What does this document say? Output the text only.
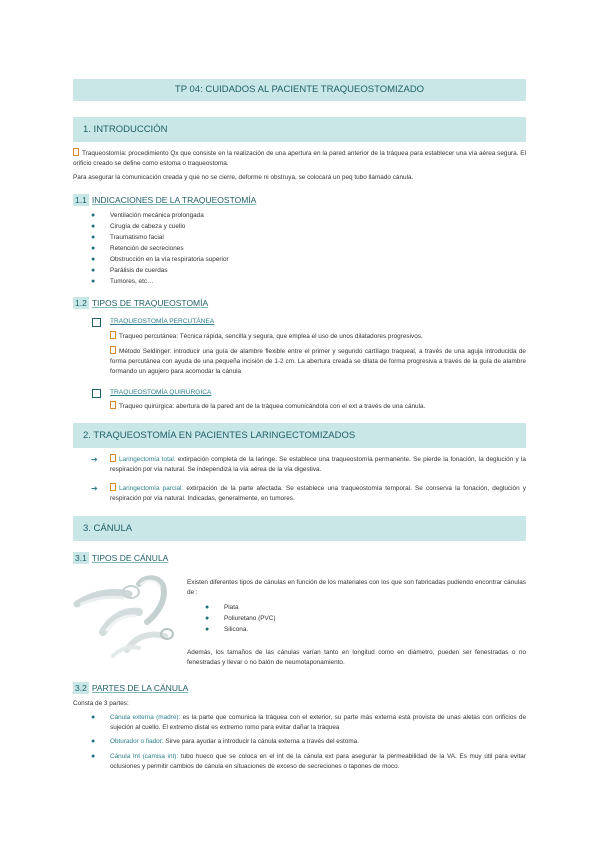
TP 04: CUIDADOS AL PACIENTE TRAQUEOSTOMIZADO
1. INTRODUCCIÓN
Traqueostomía: procedimiento Qx que consiste en la realización de una apertura en la pared anterior de la tráquea para establecer una vía aérea segura. El orificio creado se define como estoma o traqueostoma.
Para asegurar la comunicación creada y que no se cierre, deforme ni obstruya, se colocará un peq tubo llamado cánula.
1.1 INDICACIONES DE LA TRAQUEOSTOMÍA
● Ventilación mecánica prolongada
● Cirugía de cabeza y cuello
● Traumatismo facial
● Retención de secreciones
● Obstrucción en la vía respiratoria superior
● Parálisis de cuerdas
● Tumores, etc…
1.2 TIPOS DE TRAQUEOSTOMÍA
TRAQUEOSTOMÍA PERCUTÁNEA
Traqueo percutánea: Técnica rápida, sencilla y segura, que emplea el uso de unos dilatadores progresivos.
Método Seldinger: introducir una guía de alambre flexible entre el primer y segundo cartílago traqueal, a través de una aguja introducida de forma percutánea con ayuda de una pequeña incisión de 1-2 cm. La abertura creada se dilata de forma progresiva a través de la guía de alambre formando un agujero para acomodar la cánula
TRAQUEOSTOMÍA QUIRÚRGICA
Traqueo quirúrgica: abertura de la pared ant de la tráquea comunicándola con el ext a través de una cánula.
2. TRAQUEOSTOMÍA EN PACIENTES LARINGECTOMIZADOS
➔	Laringectomía total: extirpación completa de la laringe. Se establece una traqueostomía permanente. Se pierde la fonación, la deglución y la respiración por vía natural. Se independiza la vía aérea de la vía digestiva.
➔	Laringectomía parcial: extirpación de la parte afectada. Se establece una traqueostomía temporal. Se conserva la fonación, deglución y respiración por vía natural. Indicadas, generalmente, en tumores.
3. CÁNULA
3.1 TIPOS DE CÁNULA
Existen diferentes tipos de cánulas en función de los materiales con los que son fabricadas pudiendo encontrar cánulas de :
● Plata
● Poliuretano (PVC)
● Silicona.
Además, los tamaños de las cánulas varían tanto en longitud como en diámetro, pueden ser fenestradas o no fenestradas y llevar o no balón de neumotaponamiento.
3.2 PARTES DE LA CÁNULA
Consta de 3 partes:
● Cánula externa (madre): es la parte que comunica la tráquea con el exterior, su parte más externa está provista de unas aletas con orificios de sujeción al cuello. El extremo distal es extremo romo para evitar dañar la tráquea
● Obturador o fiador: Sirve para ayudar a introducir la cánula externa a través del estoma.
● Cánula Int (camisa int): tubo hueco que se coloca en el int de la cánula ext para asegurar la permeabilidad de la VA. Es muy útil para evitar oclusiones y permitir cambios de cánula en situaciones de exceso de secreciones o tapones de moco.
